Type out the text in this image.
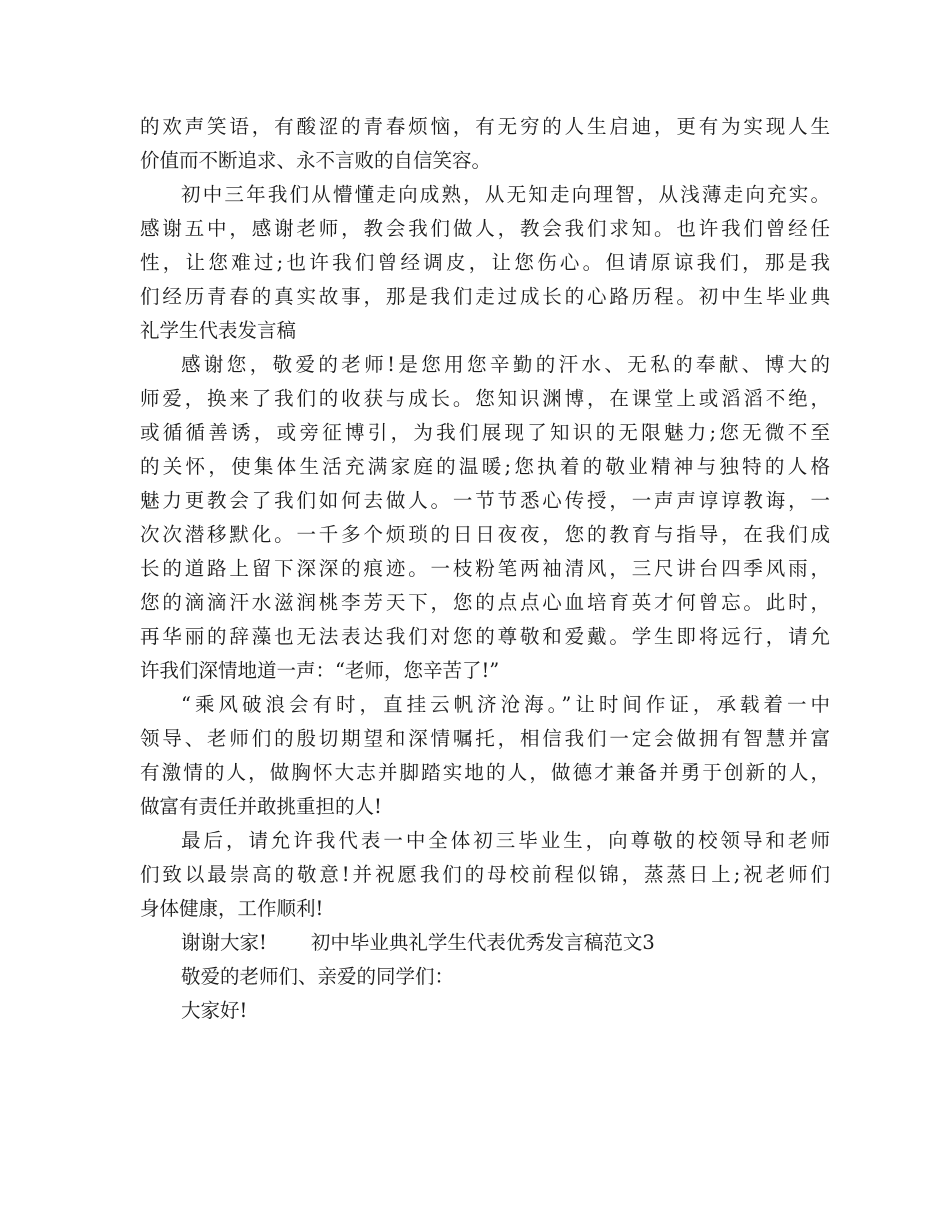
的欢声笑语，有酸涩的青春烦恼，有无穷的人生启迪，更有为实现人生
价值而不断追求、永不言败的自信笑容。
初中三年我们从懵懂走向成熟，从无知走向理智，从浅薄走向充实。
感谢五中，感谢老师，教会我们做人，教会我们求知。也许我们曾经任
性，让您难过;也许我们曾经调皮，让您伤心。但请原谅我们，那是我
们经历青春的真实故事，那是我们走过成长的心路历程。初中生毕业典
礼学生代表发言稿
感谢您，敬爱的老师!是您用您辛勤的汗水、无私的奉献、博大的
师爱，换来了我们的收获与成长。您知识渊博，在课堂上或滔滔不绝，
或循循善诱，或旁征博引，为我们展现了知识的无限魅力;您无微不至
的关怀，使集体生活充满家庭的温暖;您执着的敬业精神与独特的人格
魅力更教会了我们如何去做人。一节节悉心传授，一声声谆谆教诲，一
次次潜移默化。一千多个烦琐的日日夜夜，您的教育与指导，在我们成
长的道路上留下深深的痕迹。一枝粉笔两袖清风，三尺讲台四季风雨，
您的滴滴汗水滋润桃李芳天下，您的点点心血培育英才何曾忘。此时，
再华丽的辞藻也无法表达我们对您的尊敬和爱戴。学生即将远行，请允
许我们深情地道一声：“老师，您辛苦了!”
“乘风破浪会有时，直挂云帆济沧海。”让时间作证，承载着一中
领导、老师们的殷切期望和深情嘱托，相信我们一定会做拥有智慧并富
有激情的人，做胸怀大志并脚踏实地的人，做德才兼备并勇于创新的人，
做富有责任并敢挑重担的人!
最后，请允许我代表一中全体初三毕业生，向尊敬的校领导和老师
们致以最崇高的敬意!并祝愿我们的母校前程似锦，蒸蒸日上;祝老师们
身体健康，工作顺利!
谢谢大家! 初中毕业典礼学生代表优秀发言稿范文3
敬爱的老师们、亲爱的同学们：
大家好!
